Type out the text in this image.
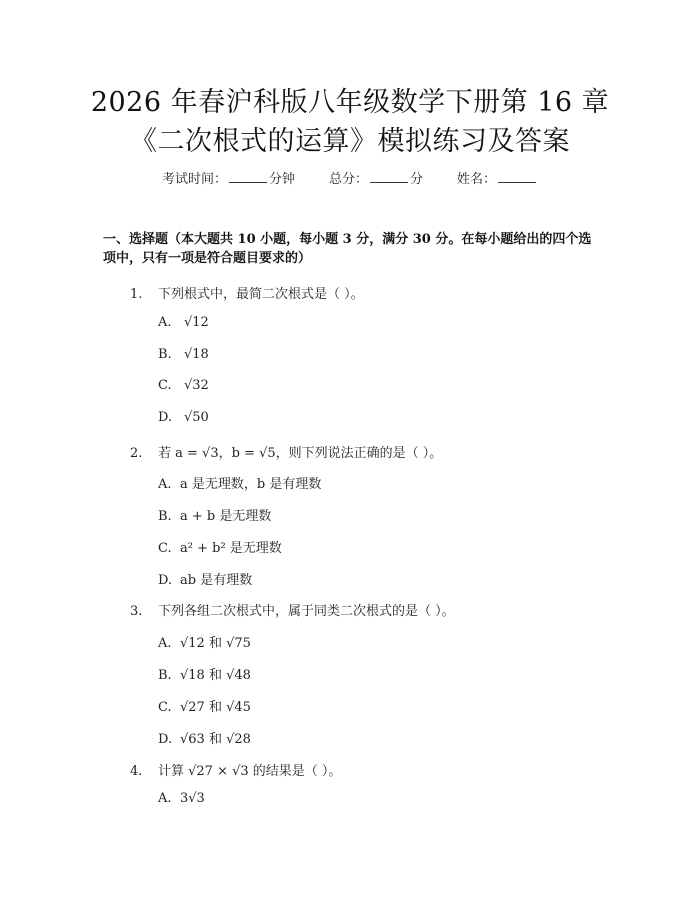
2026 年春沪科版八年级数学下册第 16 章
《二次根式的运算》模拟练习及答案
考试时间：	分钟	总分：	分	姓名：
一、选择题（本大题共 10 小题，每小题 3 分，满分 30 分。在每小题给出的四个选项中，只有一项是符合题目要求的）
1. 下列根式中，最简二次根式是（ ）。
A. √12
B. √18
C. √32
D. √50
2. 若 a = √3，b = √5，则下列说法正确的是（ ）。
A. a 是无理数，b 是有理数
B. a + b 是无理数
C. a² + b² 是无理数
D. ab 是有理数
3. 下列各组二次根式中，属于同类二次根式的是（ ）。
A. √12 和 √75
B. √18 和 √48
C. √27 和 √45
D. √63 和 √28
4. 计算 √27 × √3 的结果是（ ）。
A. 3√3
